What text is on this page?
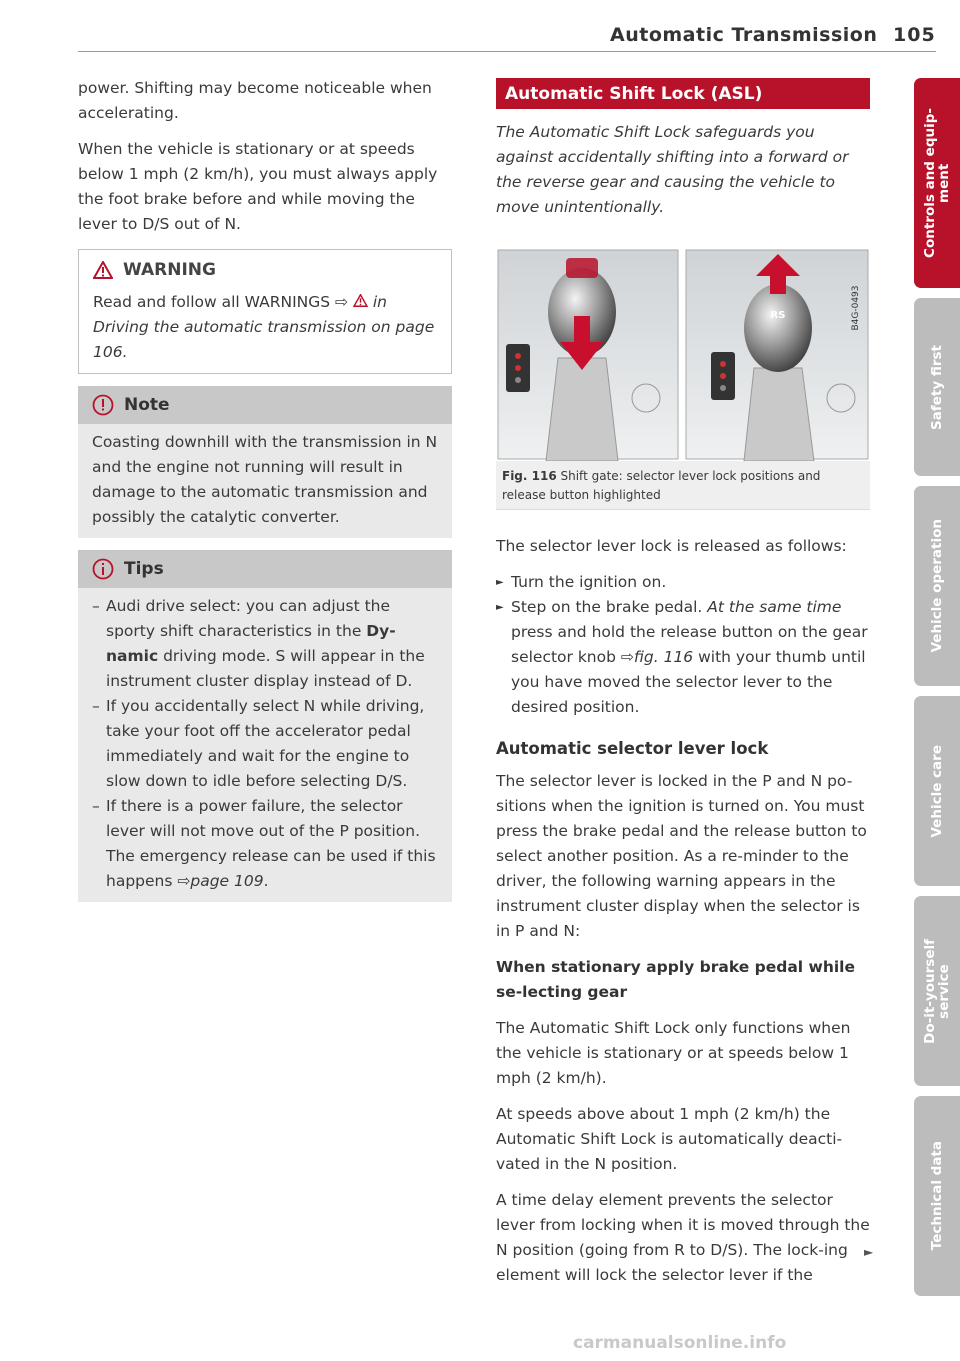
Automatic Transmission 105

power. Shifting may become noticeable when accelerating.

When the vehicle is stationary or at speeds below 1 mph (2 km/h), you must always apply the foot brake before and while moving the lever to D/S out of N.

WARNING

Read and follow all WARNINGS ⇨  in Driving the automatic transmission on page 106.

Note

Coasting downhill with the transmission in N and the engine not running will result in damage to the automatic transmission and possibly the catalytic converter.

Tips
– Audi drive select: you can adjust the sporty shift characteristics in the Dy-namic driving mode. S will appear in the instrument cluster display instead of D.
– If you accidentally select N while driving, take your foot off the accelerator pedal immediately and wait for the engine to slow down to idle before selecting D/S.
– If there is a power failure, the selector lever will not move out of the P position. The emergency release can be used if this happens ⇨page 109.
Automatic Shift Lock (ASL)

The Automatic Shift Lock safeguards you against accidentally shifting into a forward or the reverse gear and causing the vehicle to move unintentionally.

RS	B4G-0493
Fig. 116 Shift gate: selector lever lock positions and release button highlighted

The selector lever lock is released as follows:

► Turn the ignition on.
► Step on the brake pedal. At the same time press and hold the release button on the gear selector knob ⇨fig. 116 with your thumb until you have moved the selector lever to the desired position.
Automatic selector lever lock

The selector lever is locked in the P and N po-sitions when the ignition is turned on. You must press the brake pedal and the release button to select another position. As a re-minder to the driver, the following warning appears in the instrument cluster display when the selector is in P and N:

When stationary apply brake pedal while se-lecting gear

The Automatic Shift Lock only functions when the vehicle is stationary or at speeds below 1 mph (2 km/h).

At speeds above about 1 mph (2 km/h) the Automatic Shift Lock is automatically deacti-vated in the N position.

A time delay element prevents the selector lever from locking when it is moved through the N position (going from R to D/S). The lock-ing element will lock the selector lever if the

►
Controls and equip-
ment
Safety first
Vehicle operation
Vehicle care
Do-it-yourself
service
Technical data
carmanualsonline.info
